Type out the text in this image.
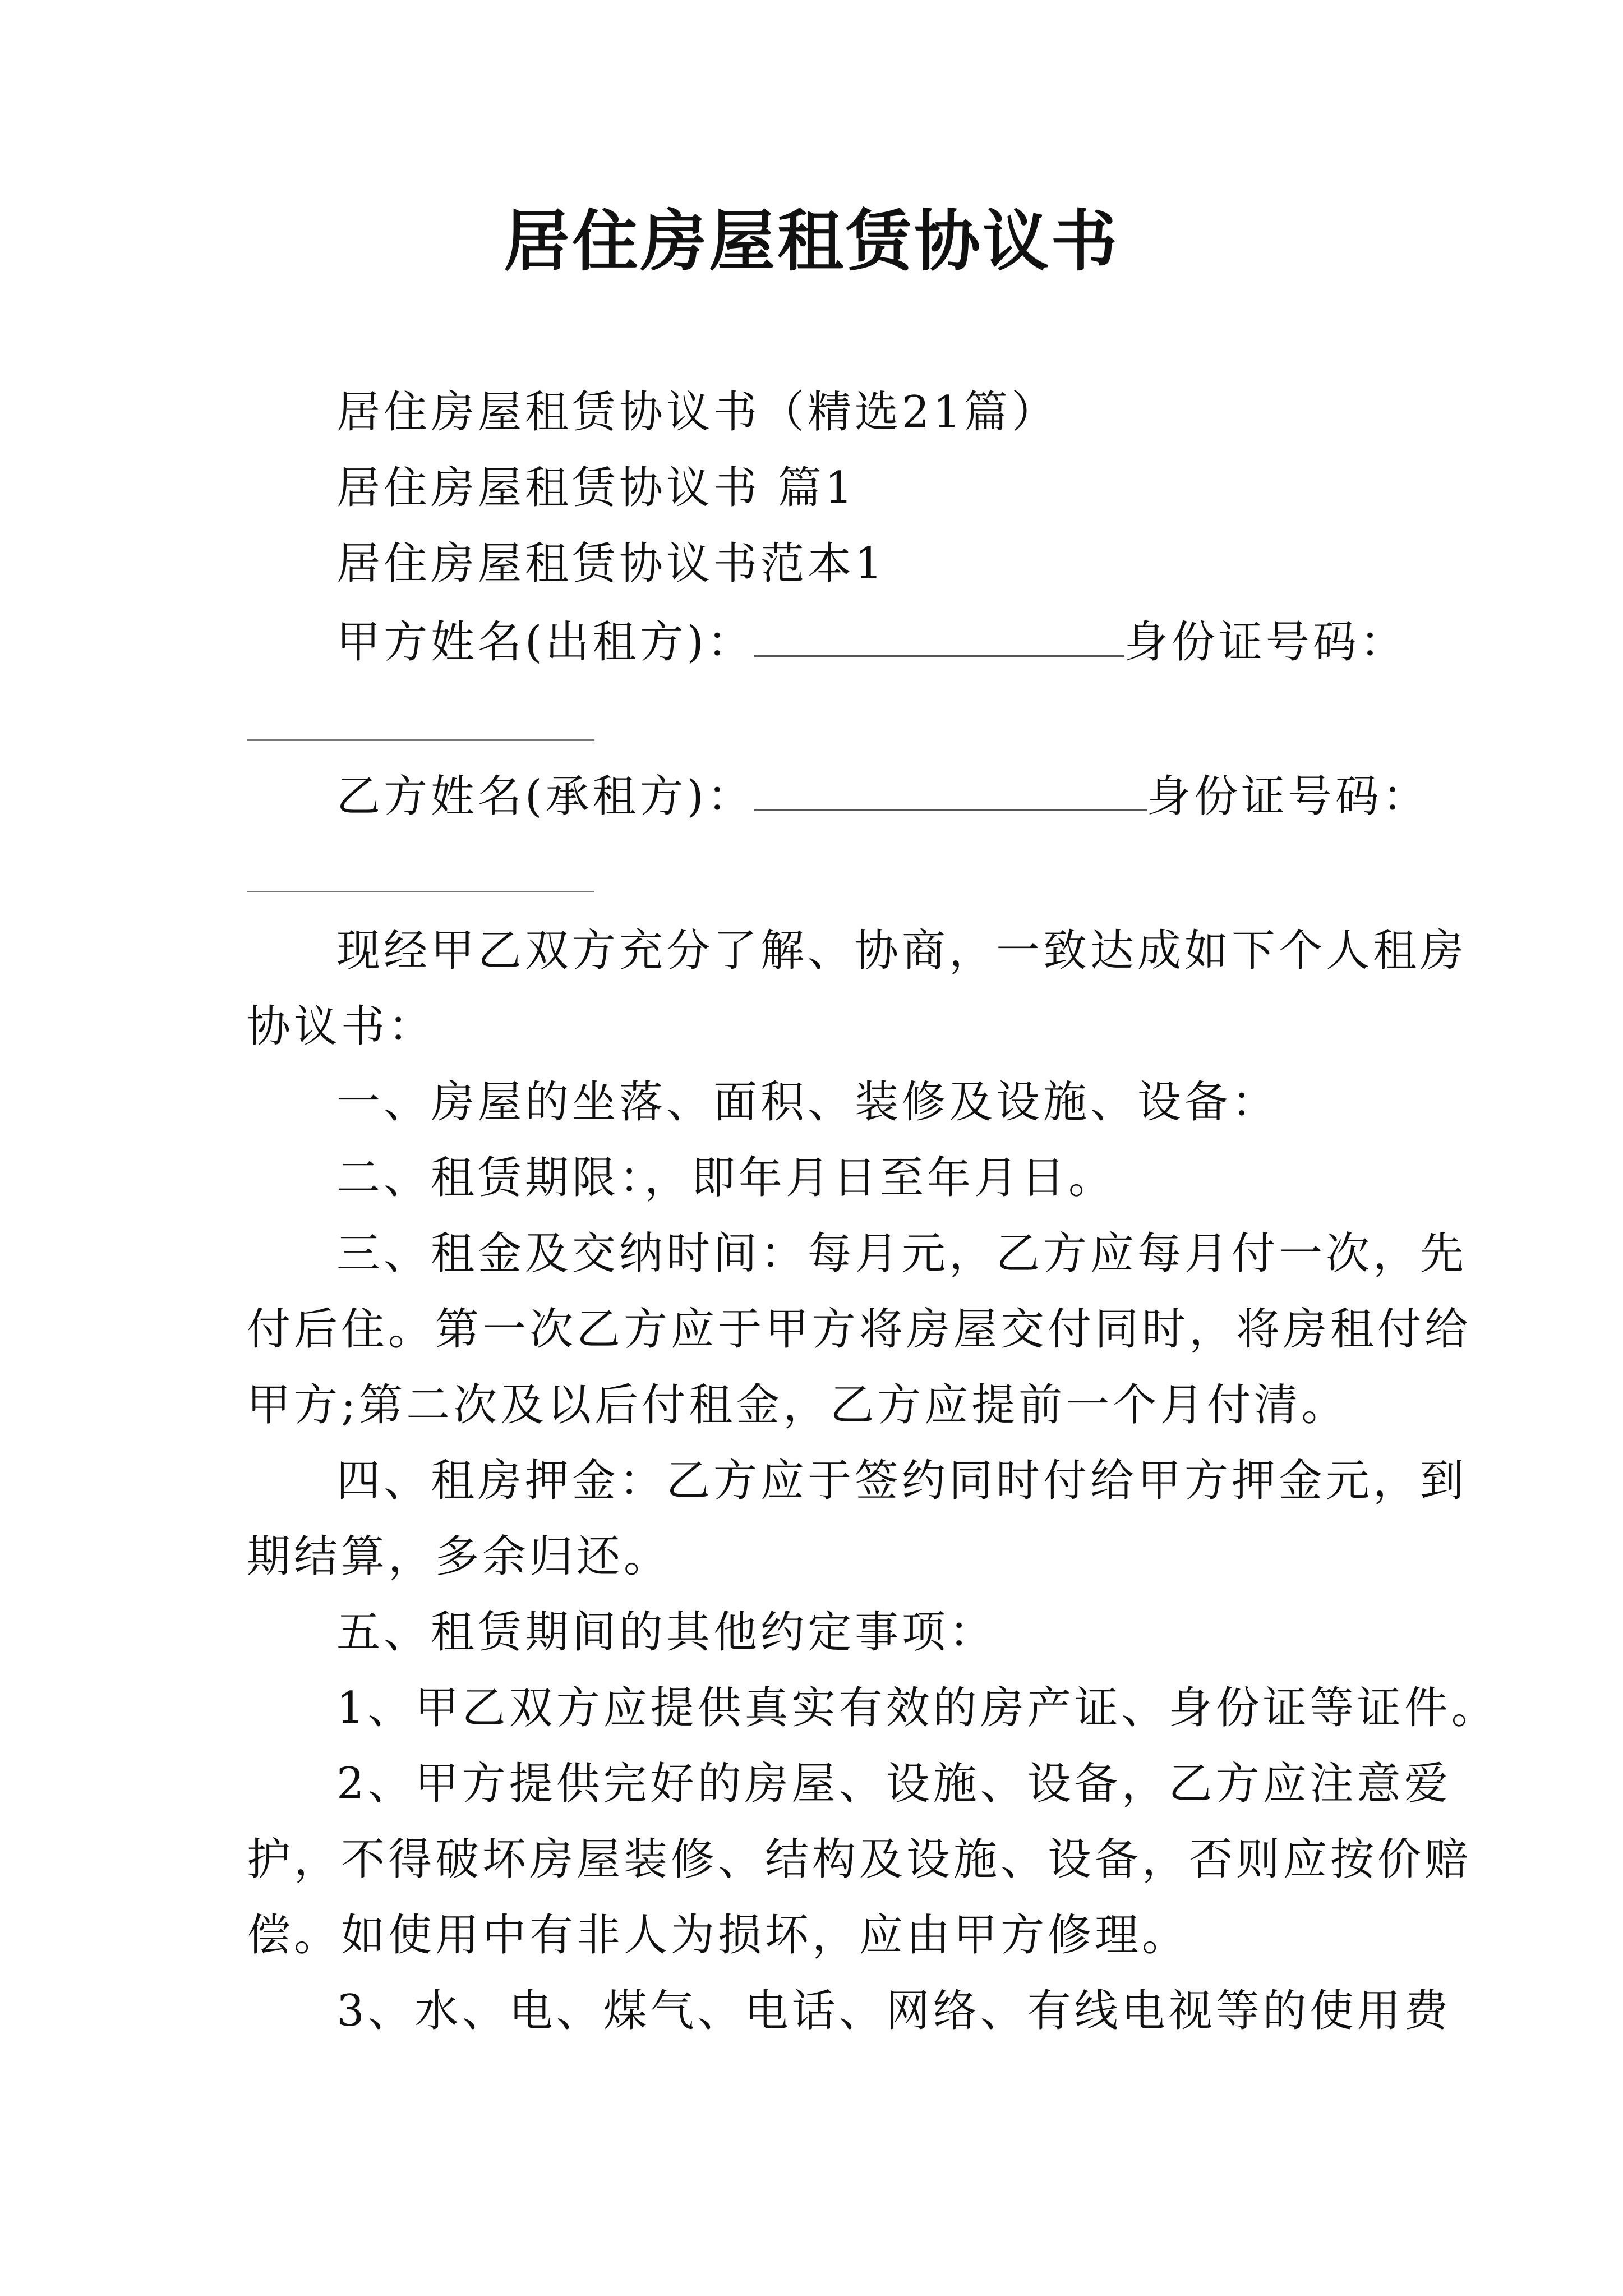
居住房屋租赁协议书
居住房屋租赁协议书（精选21篇）
居住房屋租赁协议书 篇1
居住房屋租赁协议书范本1
甲方姓名(出租方)：	身份证号码：
乙方姓名(承租方)：	身份证号码：
现经甲乙双方充分了解、协商，一致达成如下个人租房
协议书：
一、房屋的坐落、面积、装修及设施、设备：
二、租赁期限：，即年月日至年月日。
三、租金及交纳时间：每月元，乙方应每月付一次，先
付后住。第一次乙方应于甲方将房屋交付同时，将房租付给
甲方;第二次及以后付租金，乙方应提前一个月付清。
四、租房押金：乙方应于签约同时付给甲方押金元，到
期结算，多余归还。
五、租赁期间的其他约定事项：
1、甲乙双方应提供真实有效的房产证、身份证等证件。
2、甲方提供完好的房屋、设施、设备，乙方应注意爱
护，不得破坏房屋装修、结构及设施、设备，否则应按价赔
偿。如使用中有非人为损坏，应由甲方修理。
3、水、电、煤气、电话、网络、有线电视等的使用费
